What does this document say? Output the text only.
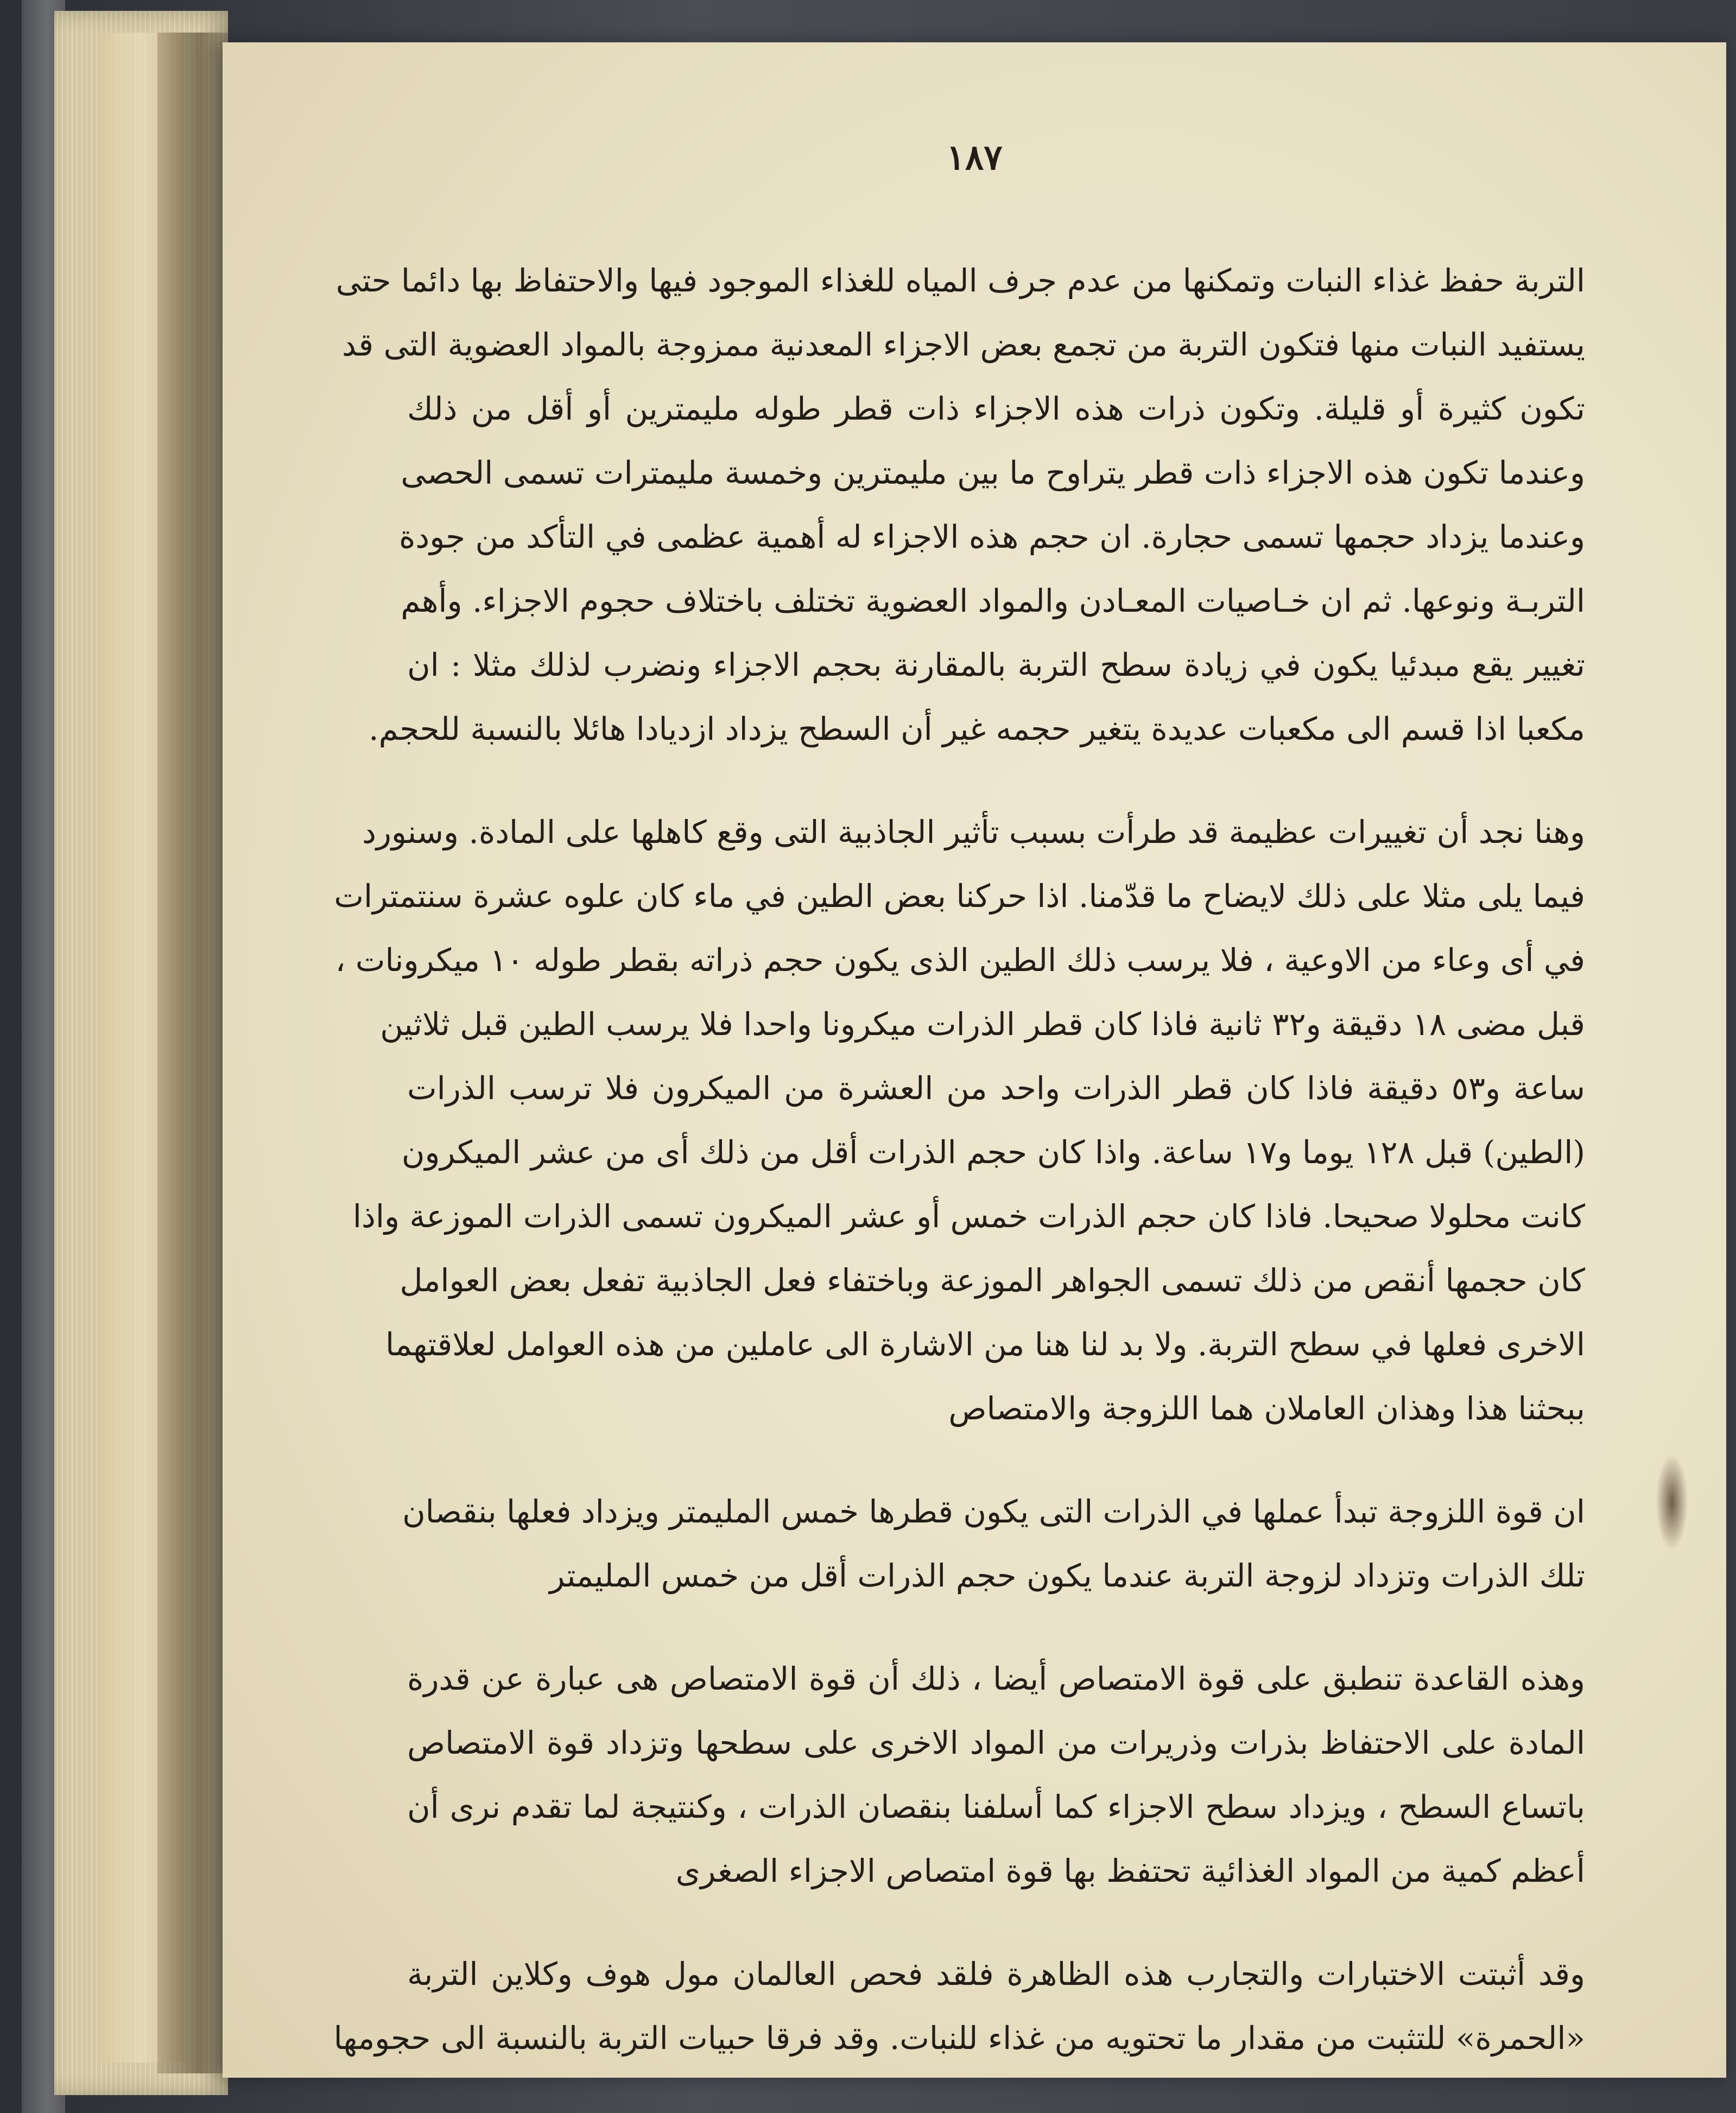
١٨٧
التربة حفظ غذاء النبات وتمكنها من عدم جرف المياه للغذاء الموجود فيها والاحتفاظ بها دائما حتى
يستفيد النبات منها فتكون التربة من تجمع بعض الاجزاء المعدنية ممزوجة بالمواد العضوية التى قد
تكون كثيرة أو قليلة. وتكون ذرات هذه الاجزاء ذات قطر طوله مليمترين أو أقل من ذلك
وعندما تكون هذه الاجزاء ذات قطر يتراوح ما بين مليمترين وخمسة مليمترات تسمى الحصى
وعندما يزداد حجمها تسمى حجارة. ان حجم هذه الاجزاء له أهمية عظمى في التأكد من جودة
التربـة ونوعها. ثم ان خـاصيات المعـادن والمواد العضوية تختلف باختلاف حجوم الاجزاء. وأهم
تغيير يقع مبدئيا يكون في زيادة سطح التربة بالمقارنة بحجم الاجزاء ونضرب لذلك مثلا : ان
مكعبا اذا قسم الى مكعبات عديدة يتغير حجمه غير أن السطح يزداد ازديادا هائلا بالنسبة للحجم.
وهنا نجد أن تغييرات عظيمة قد طرأت بسبب تأثير الجاذبية التى وقع كاهلها على المادة. وسنورد
فيما يلى مثلا على ذلك لايضاح ما قدّمنا. اذا حركنا بعض الطين في ماء كان علوه عشرة سنتمترات
في أى وعاء من الاوعية ، فلا يرسب ذلك الطين الذى يكون حجم ذراته بقطر طوله ١٠ ميكرونات ،
قبل مضى ١٨ دقيقة و٣٢ ثانية فاذا كان قطر الذرات ميكرونا واحدا فلا يرسب الطين قبل ثلاثين
ساعة و٥٣ دقيقة فاذا كان قطر الذرات واحد من العشرة من الميكرون فلا ترسب الذرات
(الطين) قبل ١٢٨ يوما و١٧ ساعة. واذا كان حجم الذرات أقل من ذلك أى من عشر الميكرون
كانت محلولا صحيحا. فاذا كان حجم الذرات خمس أو عشر الميكرون تسمى الذرات الموزعة واذا
كان حجمها أنقص من ذلك تسمى الجواهر الموزعة وباختفاء فعل الجاذبية تفعل بعض العوامل
الاخرى فعلها في سطح التربة. ولا بد لنا هنا من الاشارة الى عاملين من هذه العوامل لعلاقتهما
ببحثنا هذا وهذان العاملان هما اللزوجة والامتصاص
ان قوة اللزوجة تبدأ عملها في الذرات التى يكون قطرها خمس المليمتر ويزداد فعلها بنقصان
تلك الذرات وتزداد لزوجة التربة عندما يكون حجم الذرات أقل من خمس المليمتر
وهذه القاعدة تنطبق على قوة الامتصاص أيضا ، ذلك أن قوة الامتصاص هى عبارة عن قدرة
المادة على الاحتفاظ بذرات وذريرات من المواد الاخرى على سطحها وتزداد قوة الامتصاص
باتساع السطح ، ويزداد سطح الاجزاء كما أسلفنا بنقصان الذرات ، وكنتيجة لما تقدم نرى أن
أعظم كمية من المواد الغذائية تحتفظ بها قوة امتصاص الاجزاء الصغرى
وقد أثبتت الاختبارات والتجارب هذه الظاهرة فلقد فحص العالمان مول هوف وكلاين التربة
«الحمرة» للتثبت من مقدار ما تحتويه من غذاء للنبات. وقد فرقا حبيات التربة بالنسبة الى حجومها
